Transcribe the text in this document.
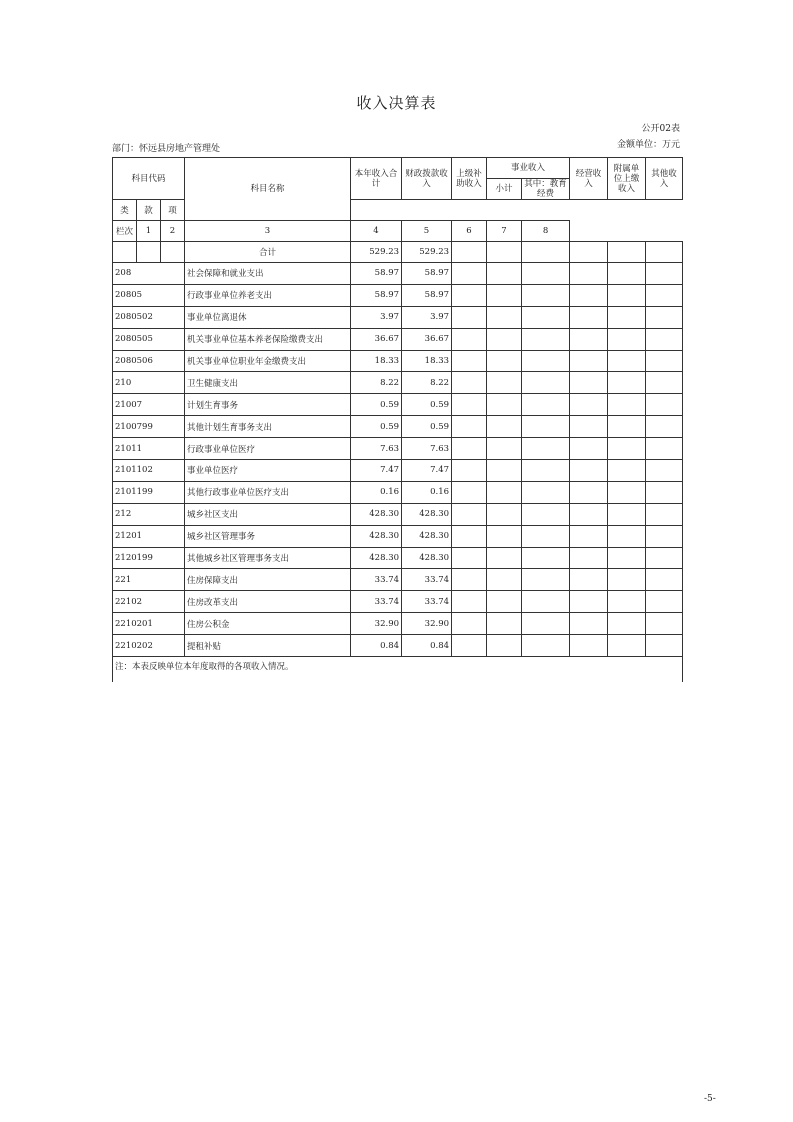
收入决算表
公开02表
部门：怀远县房地产管理处	金额单位：万元
科目代码			科目名称	本年收入合计	财政拨款收入	上级补助收入	事业收入		经营收入	附属单位上缴收入	其他收入
							小计	其中：教育经费			
类	款	项									
栏次	1	2	3	4	5	6	7	8			
			合计	529.23	529.23						
208			社会保障和就业支出	58.97	58.97						
20805			行政事业单位养老支出	58.97	58.97						
2080502			事业单位离退休	3.97	3.97						
2080505			机关事业单位基本养老保险缴费支出	36.67	36.67						
2080506			机关事业单位职业年金缴费支出	18.33	18.33						
210			卫生健康支出	8.22	8.22						
21007			计划生育事务	0.59	0.59						
2100799			其他计划生育事务支出	0.59	0.59						
21011			行政事业单位医疗	7.63	7.63						
2101102			事业单位医疗	7.47	7.47						
2101199			其他行政事业单位医疗支出	0.16	0.16						
212			城乡社区支出	428.30	428.30						
21201			城乡社区管理事务	428.30	428.30						
2120199			其他城乡社区管理事务支出	428.30	428.30						
221			住房保障支出	33.74	33.74						
22102			住房改革支出	33.74	33.74						
2210201			住房公积金	32.90	32.90						
2210202			提租补贴	0.84	0.84						
注：本表反映单位本年度取得的各项收入情况。											
-5-
